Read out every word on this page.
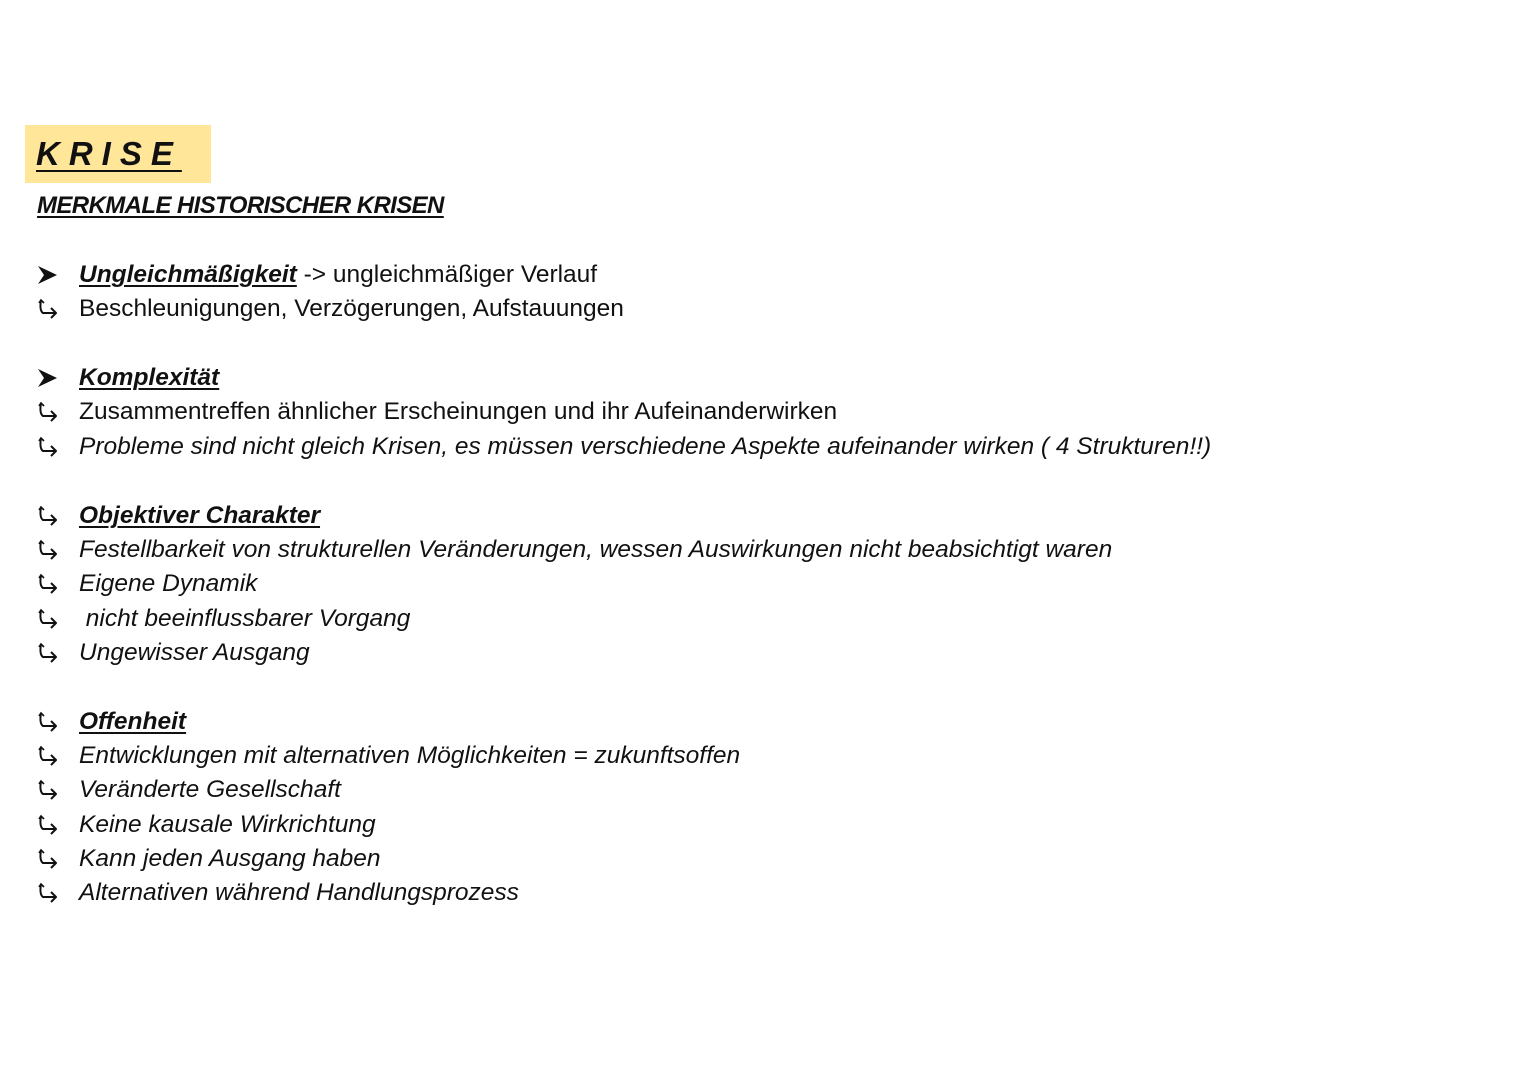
KRISE
MERKMALE HISTORISCHER KRISEN
Ungleichmäßigkeit -> ungleichmäßiger Verlauf
Beschleunigungen, Verzögerungen, Aufstauungen
Komplexität
Zusammentreffen ähnlicher Erscheinungen und ihr Aufeinanderwirken
Probleme sind nicht gleich Krisen, es müssen verschiedene Aspekte aufeinander wirken ( 4 Strukturen!!)
Objektiver Charakter
Festellbarkeit von strukturellen Veränderungen, wessen Auswirkungen nicht beabsichtigt waren
Eigene Dynamik
nicht beeinflussbarer Vorgang
Ungewisser Ausgang
Offenheit
Entwicklungen mit alternativen Möglichkeiten = zukunftsoffen
Veränderte Gesellschaft
Keine kausale Wirkrichtung
Kann jeden Ausgang haben
Alternativen während Handlungsprozess
